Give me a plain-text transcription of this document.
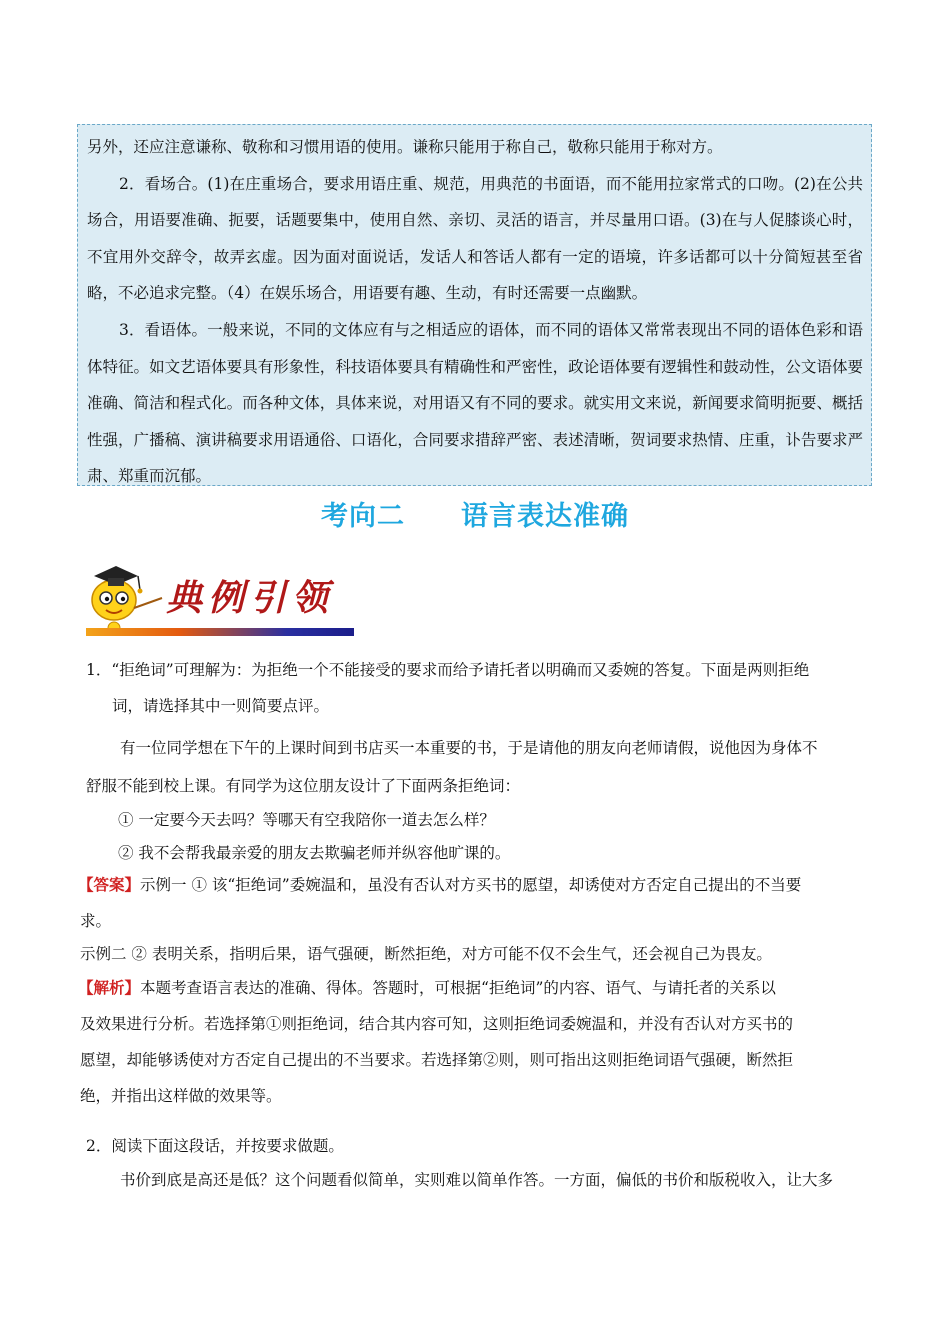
另外，还应注意谦称、敬称和习惯用语的使用。谦称只能用于称自己，敬称只能用于称对方。

2．看场合。(1)在庄重场合，要求用语庄重、规范，用典范的书面语，而不能用拉家常式的口吻。(2)在公共场合，用语要准确、扼要，话题要集中，使用自然、亲切、灵活的语言，并尽量用口语。(3)在与人促膝谈心时，不宜用外交辞令，故弄玄虚。因为面对面说话，发话人和答话人都有一定的语境，许多话都可以十分简短甚至省略，不必追求完整。（4）在娱乐场合，用语要有趣、生动，有时还需要一点幽默。

3．看语体。一般来说，不同的文体应有与之相适应的语体，而不同的语体又常常表现出不同的语体色彩和语体特征。如文艺语体要具有形象性，科技语体要具有精确性和严密性，政论语体要有逻辑性和鼓动性，公文语体要准确、简洁和程式化。而各种文体，具体来说，对用语又有不同的要求。就实用文来说，新闻要求简明扼要、概括性强，广播稿、演讲稿要求用语通俗、口语化，合同要求措辞严密、表述清晰，贺词要求热情、庄重，讣告要求严肃、郑重而沉郁。

考向二 语言表达准确
典例引领
1．“拒绝词”可理解为：为拒绝一个不能接受的要求而给予请托者以明确而又委婉的答复。下面是两则拒绝
词，请选择其中一则简要点评。
有一位同学想在下午的上课时间到书店买一本重要的书，于是请他的朋友向老师请假，说他因为身体不
舒服不能到校上课。有同学为这位朋友设计了下面两条拒绝词：
① 一定要今天去吗？等哪天有空我陪你一道去怎么样？
② 我不会帮我最亲爱的朋友去欺骗老师并纵容他旷课的。
【答案】示例一 ① 该“拒绝词”委婉温和，虽没有否认对方买书的愿望，却诱使对方否定自己提出的不当要
求。
示例二 ② 表明关系，指明后果，语气强硬，断然拒绝，对方可能不仅不会生气，还会视自己为畏友。
【解析】本题考查语言表达的准确、得体。答题时，可根据“拒绝词”的内容、语气、与请托者的关系以
及效果进行分析。若选择第①则拒绝词，结合其内容可知，这则拒绝词委婉温和，并没有否认对方买书的
愿望，却能够诱使对方否定自己提出的不当要求。若选择第②则，则可指出这则拒绝词语气强硬，断然拒
绝，并指出这样做的效果等。
2．阅读下面这段话，并按要求做题。
书价到底是高还是低？这个问题看似简单，实则难以简单作答。一方面，偏低的书价和版税收入，让大多
